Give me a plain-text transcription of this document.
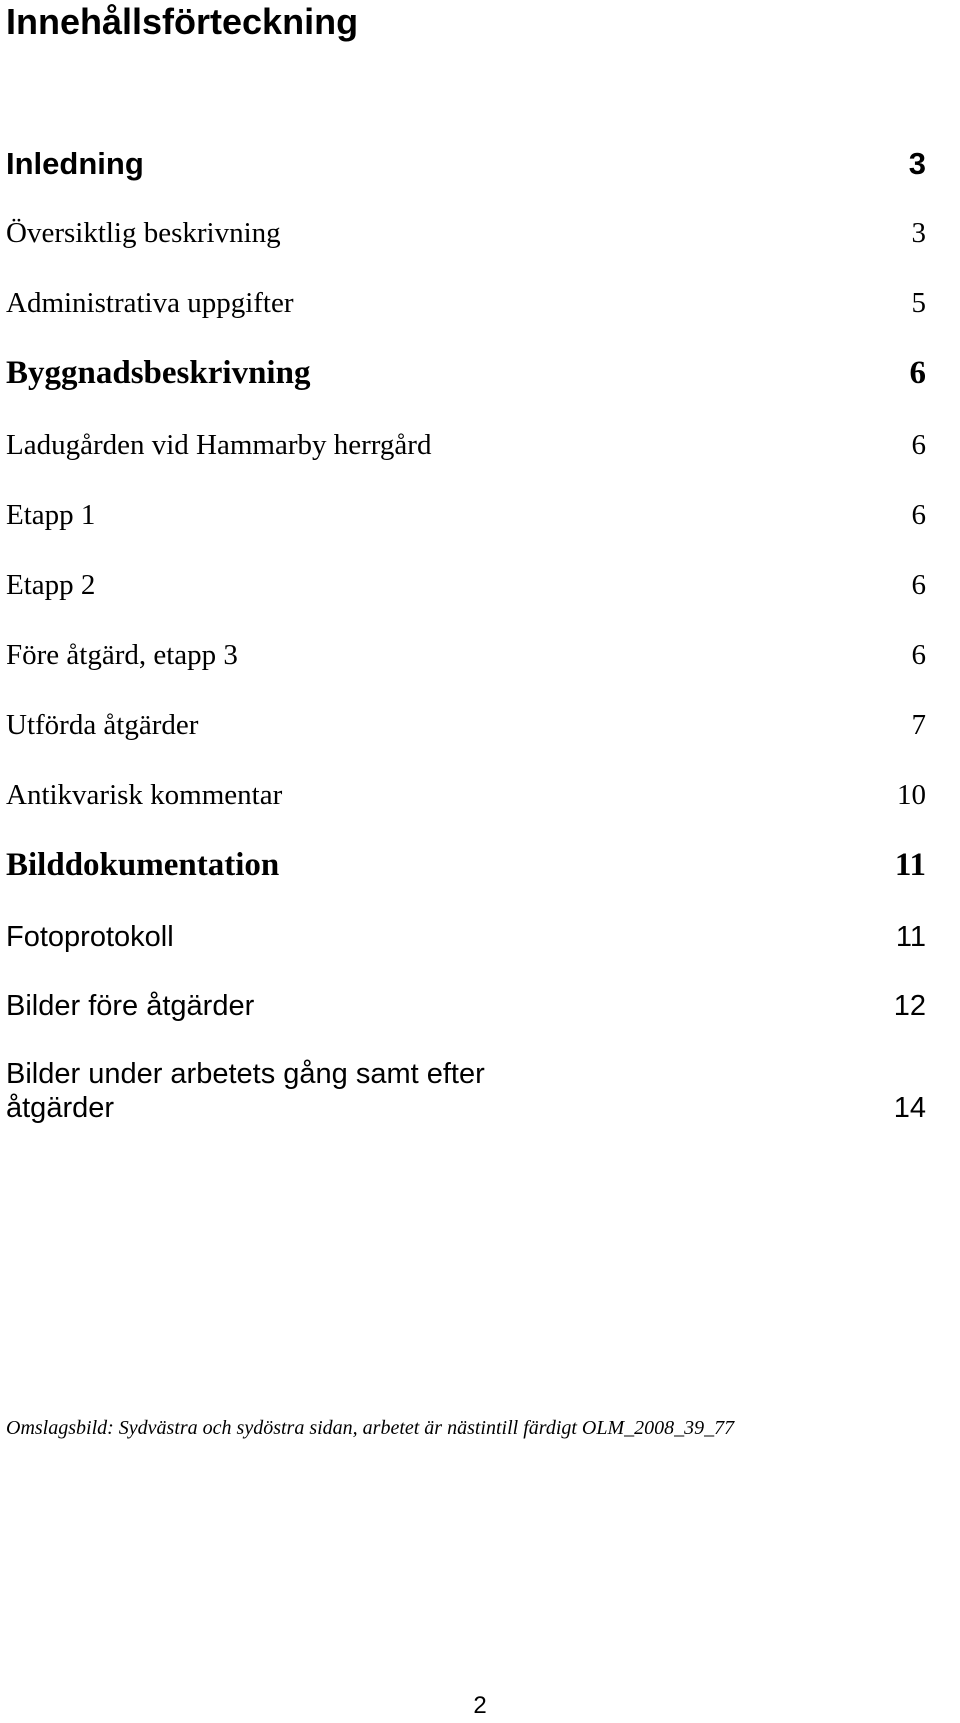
Innehållsförteckning
Inledning	3
Översiktlig beskrivning	3
Administrativa uppgifter	5
Byggnadsbeskrivning	6
Ladugården vid Hammarby herrgård	6
Etapp 1	6
Etapp 2	6
Före åtgärd, etapp 3	6
Utförda åtgärder	7
Antikvarisk kommentar	10
Bilddokumentation	11
Fotoprotokoll	11
Bilder före åtgärder	12
Bilder under arbetets gång samt efter åtgärder	14
Omslagsbild: Sydvästra och sydöstra sidan, arbetet är nästintill färdigt OLM_2008_39_77
2
